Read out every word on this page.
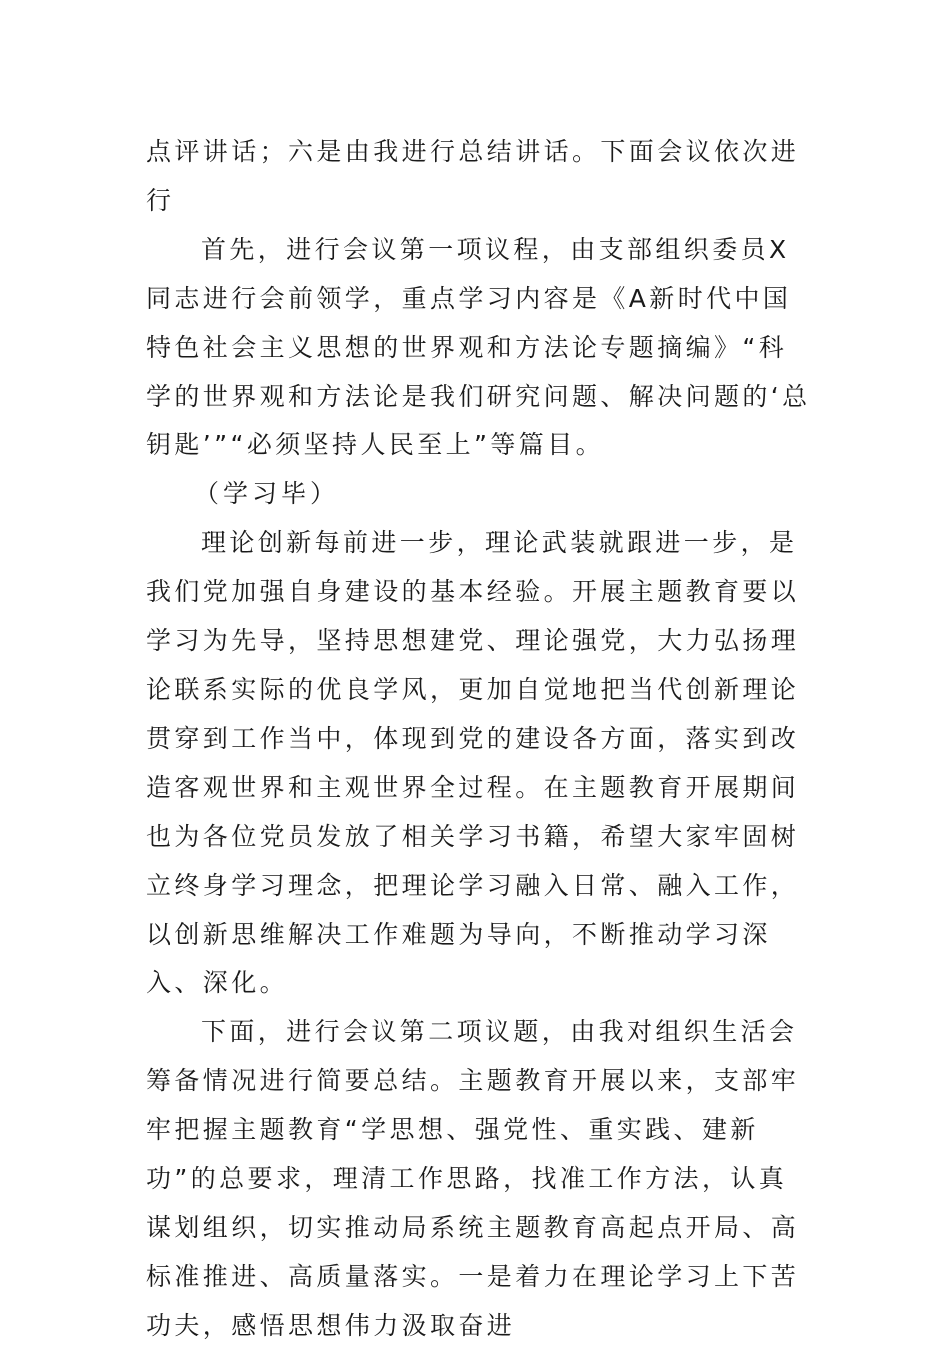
点评讲话；六是由我进行总结讲话。下面会议依次进行

首先，进行会议第一项议程，由支部组织委员X同志进行会前领学，重点学习内容是《A新时代中国特色社会主义思想的世界观和方法论专题摘编》“科学的世界观和方法论是我们研究问题、解决问题的‘总钥匙’”“必须坚持人民至上”等篇目。

（学习毕）

理论创新每前进一步，理论武装就跟进一步，是我们党加强自身建设的基本经验。开展主题教育要以学习为先导，坚持思想建党、理论强党，大力弘扬理论联系实际的优良学风，更加自觉地把当代创新理论贯穿到工作当中，体现到党的建设各方面，落实到改造客观世界和主观世界全过程。在主题教育开展期间也为各位党员发放了相关学习书籍，希望大家牢固树立终身学习理念，把理论学习融入日常、融入工作，以创新思维解决工作难题为导向，不断推动学习深入、深化。

下面，进行会议第二项议题，由我对组织生活会筹备情况进行简要总结。主题教育开展以来，支部牢牢把握主题教育“学思想、强党性、重实践、建新功”的总要求，理清工作思路，找准工作方法，认真谋划组织，切实推动局系统主题教育高起点开局、高标准推进、高质量落实。一是着力在理论学习上下苦功夫，感悟思想伟力汲取奋进
